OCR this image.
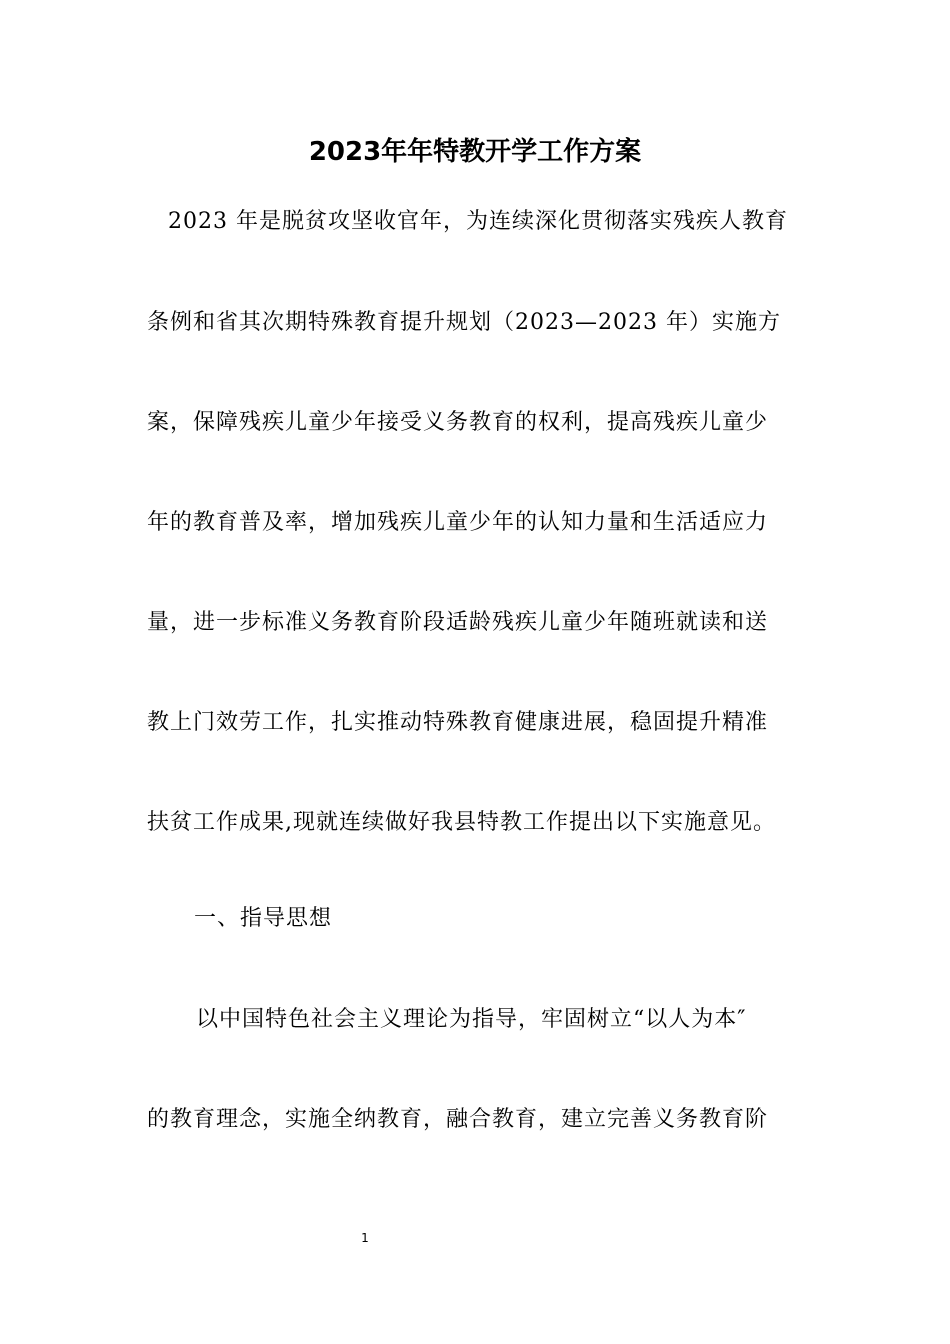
2023年年特教开学工作方案
2023 年是脱贫攻坚收官年，为连续深化贯彻落实残疾人教育
条例和省其次期特殊教育提升规划（2023—2023 年）实施方
案，保障残疾儿童少年接受义务教育的权利，提高残疾儿童少
年的教育普及率，增加残疾儿童少年的认知力量和生活适应力
量，进一步标准义务教育阶段适龄残疾儿童少年随班就读和送
教上门效劳工作，扎实推动特殊教育健康进展，稳固提升精准
扶贫工作成果,现就连续做好我县特教工作提出以下实施意见。
一、指导思想
以中国特色社会主义理论为指导，牢固树立“以人为本″
的教育理念，实施全纳教育，融合教育，建立完善义务教育阶
1
